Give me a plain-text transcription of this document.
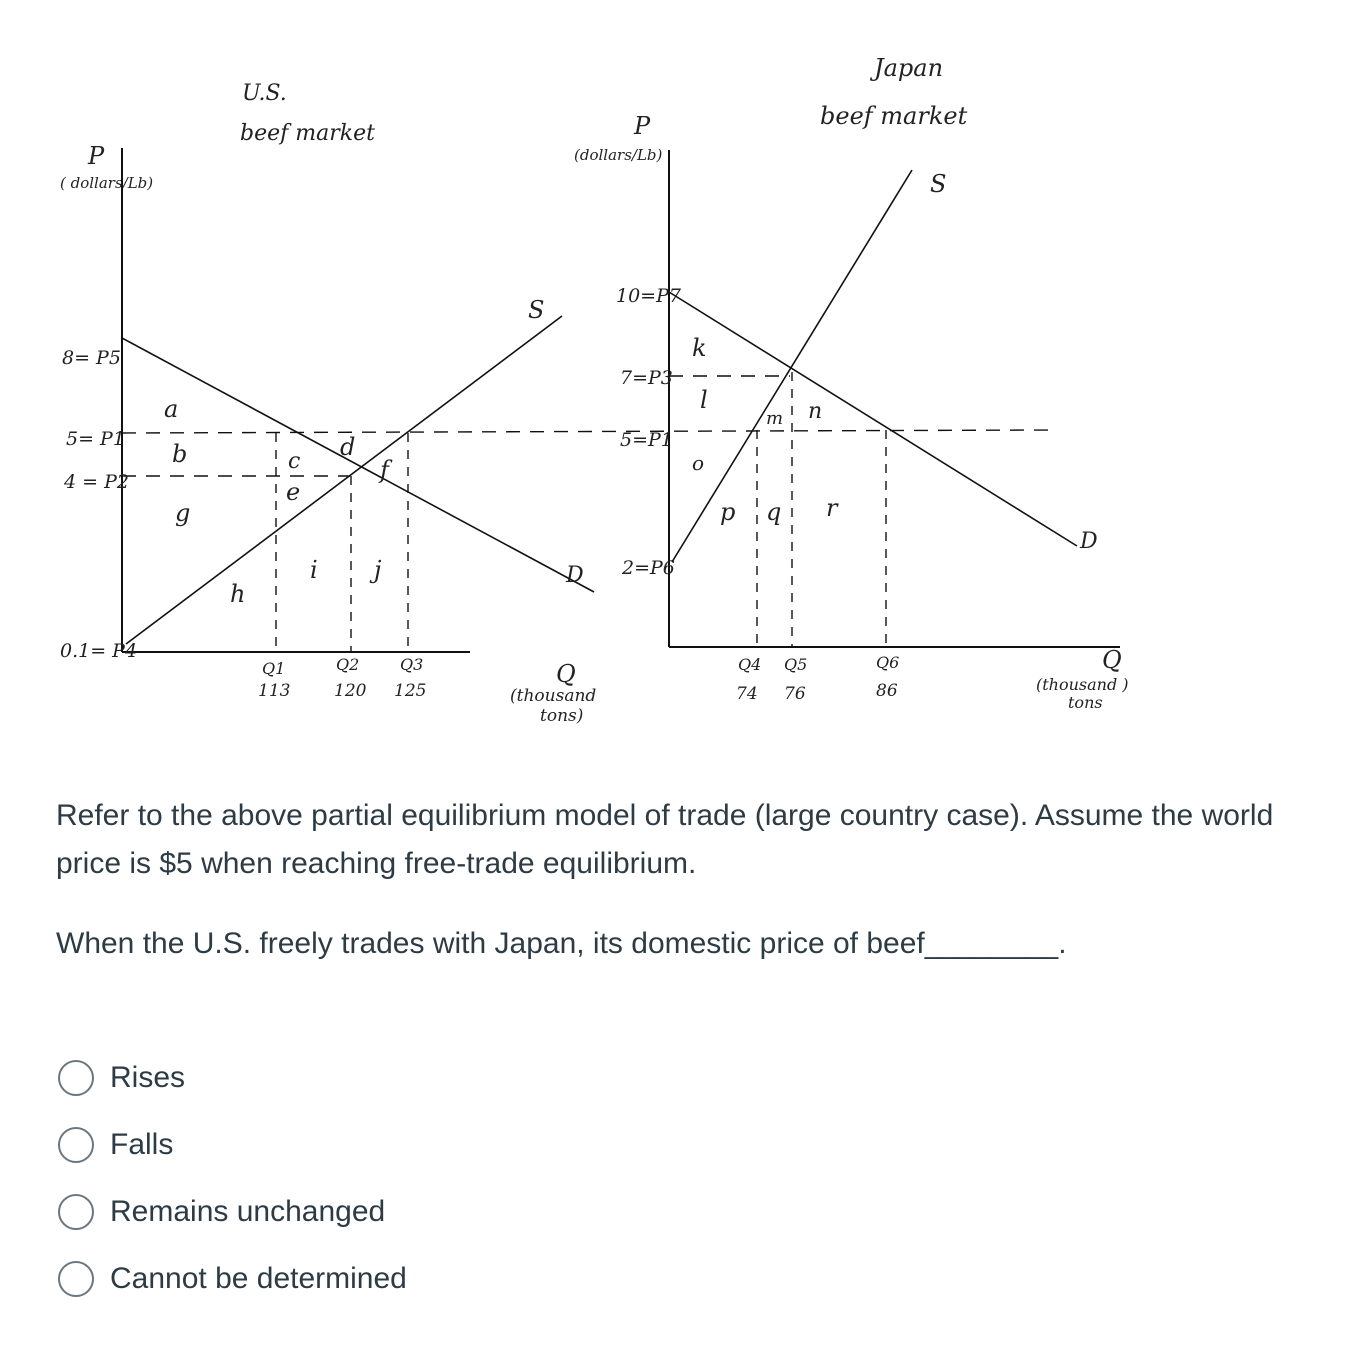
U.S.
beef market
P
( dollars/Lb)
8= P5
5= P1
4 = P2
0.1= P4
S
D
a
b
g
h
c
e
d
f
i j
Q1	Q2	Q3
113	120 125
Q
(thousand
tons)
Japan
beef market
P
(dollars/Lb)
10=P7
7=P3
5=P1
2=P6
S
D
k
l
o
m n
p q r
Q4 Q5	Q6
74 76	86
Q
(thousand )
tons

Refer to the above partial equilibrium model of trade (large country case). Assume the world price is $5 when reaching free-trade equilibrium.

When the U.S. freely trades with Japan, its domestic price of beef________.

Rises
Falls
Remains unchanged
Cannot be determined
